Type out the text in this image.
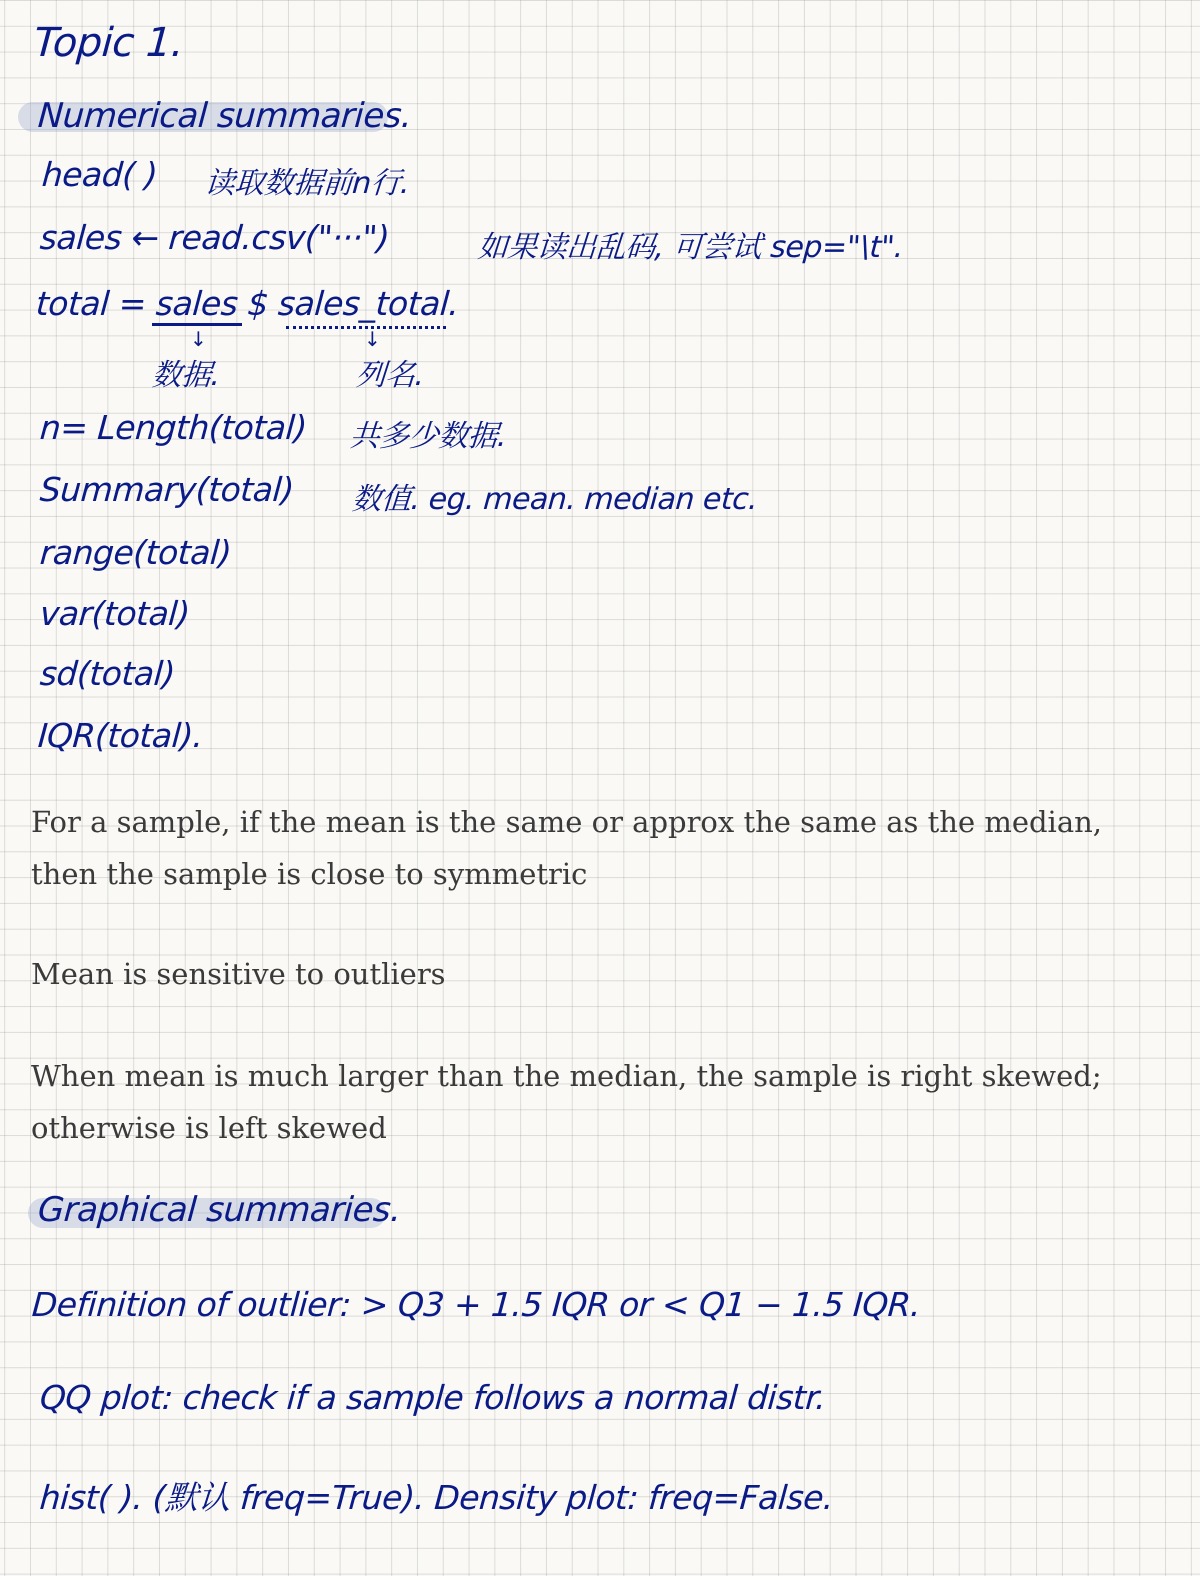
Topic 1.
Numerical summaries.
head( ) 读取数据前n行.
sales ← read.csv("···")	如果读出乱码, 可尝试 sep="\t".
total = sales $ sales_total.
↓	↓
数据.	列名.
n= Length(total) 共多少数据.
Summary(total) 数值. eg. mean. median etc.
range(total)
var(total)
sd(total)
IQR(total).
For a sample, if the mean is the same or approx the same as the median, then the sample is close to symmetric
Mean is sensitive to outliers
When mean is much larger than the median, the sample is right skewed; otherwise is left skewed
Graphical summaries.
Definition of outlier: > Q3 + 1.5 IQR or < Q1 − 1.5 IQR.
QQ plot: check if a sample follows a normal distr.
hist( ). (默认 freq=True). Density plot: freq=False.
